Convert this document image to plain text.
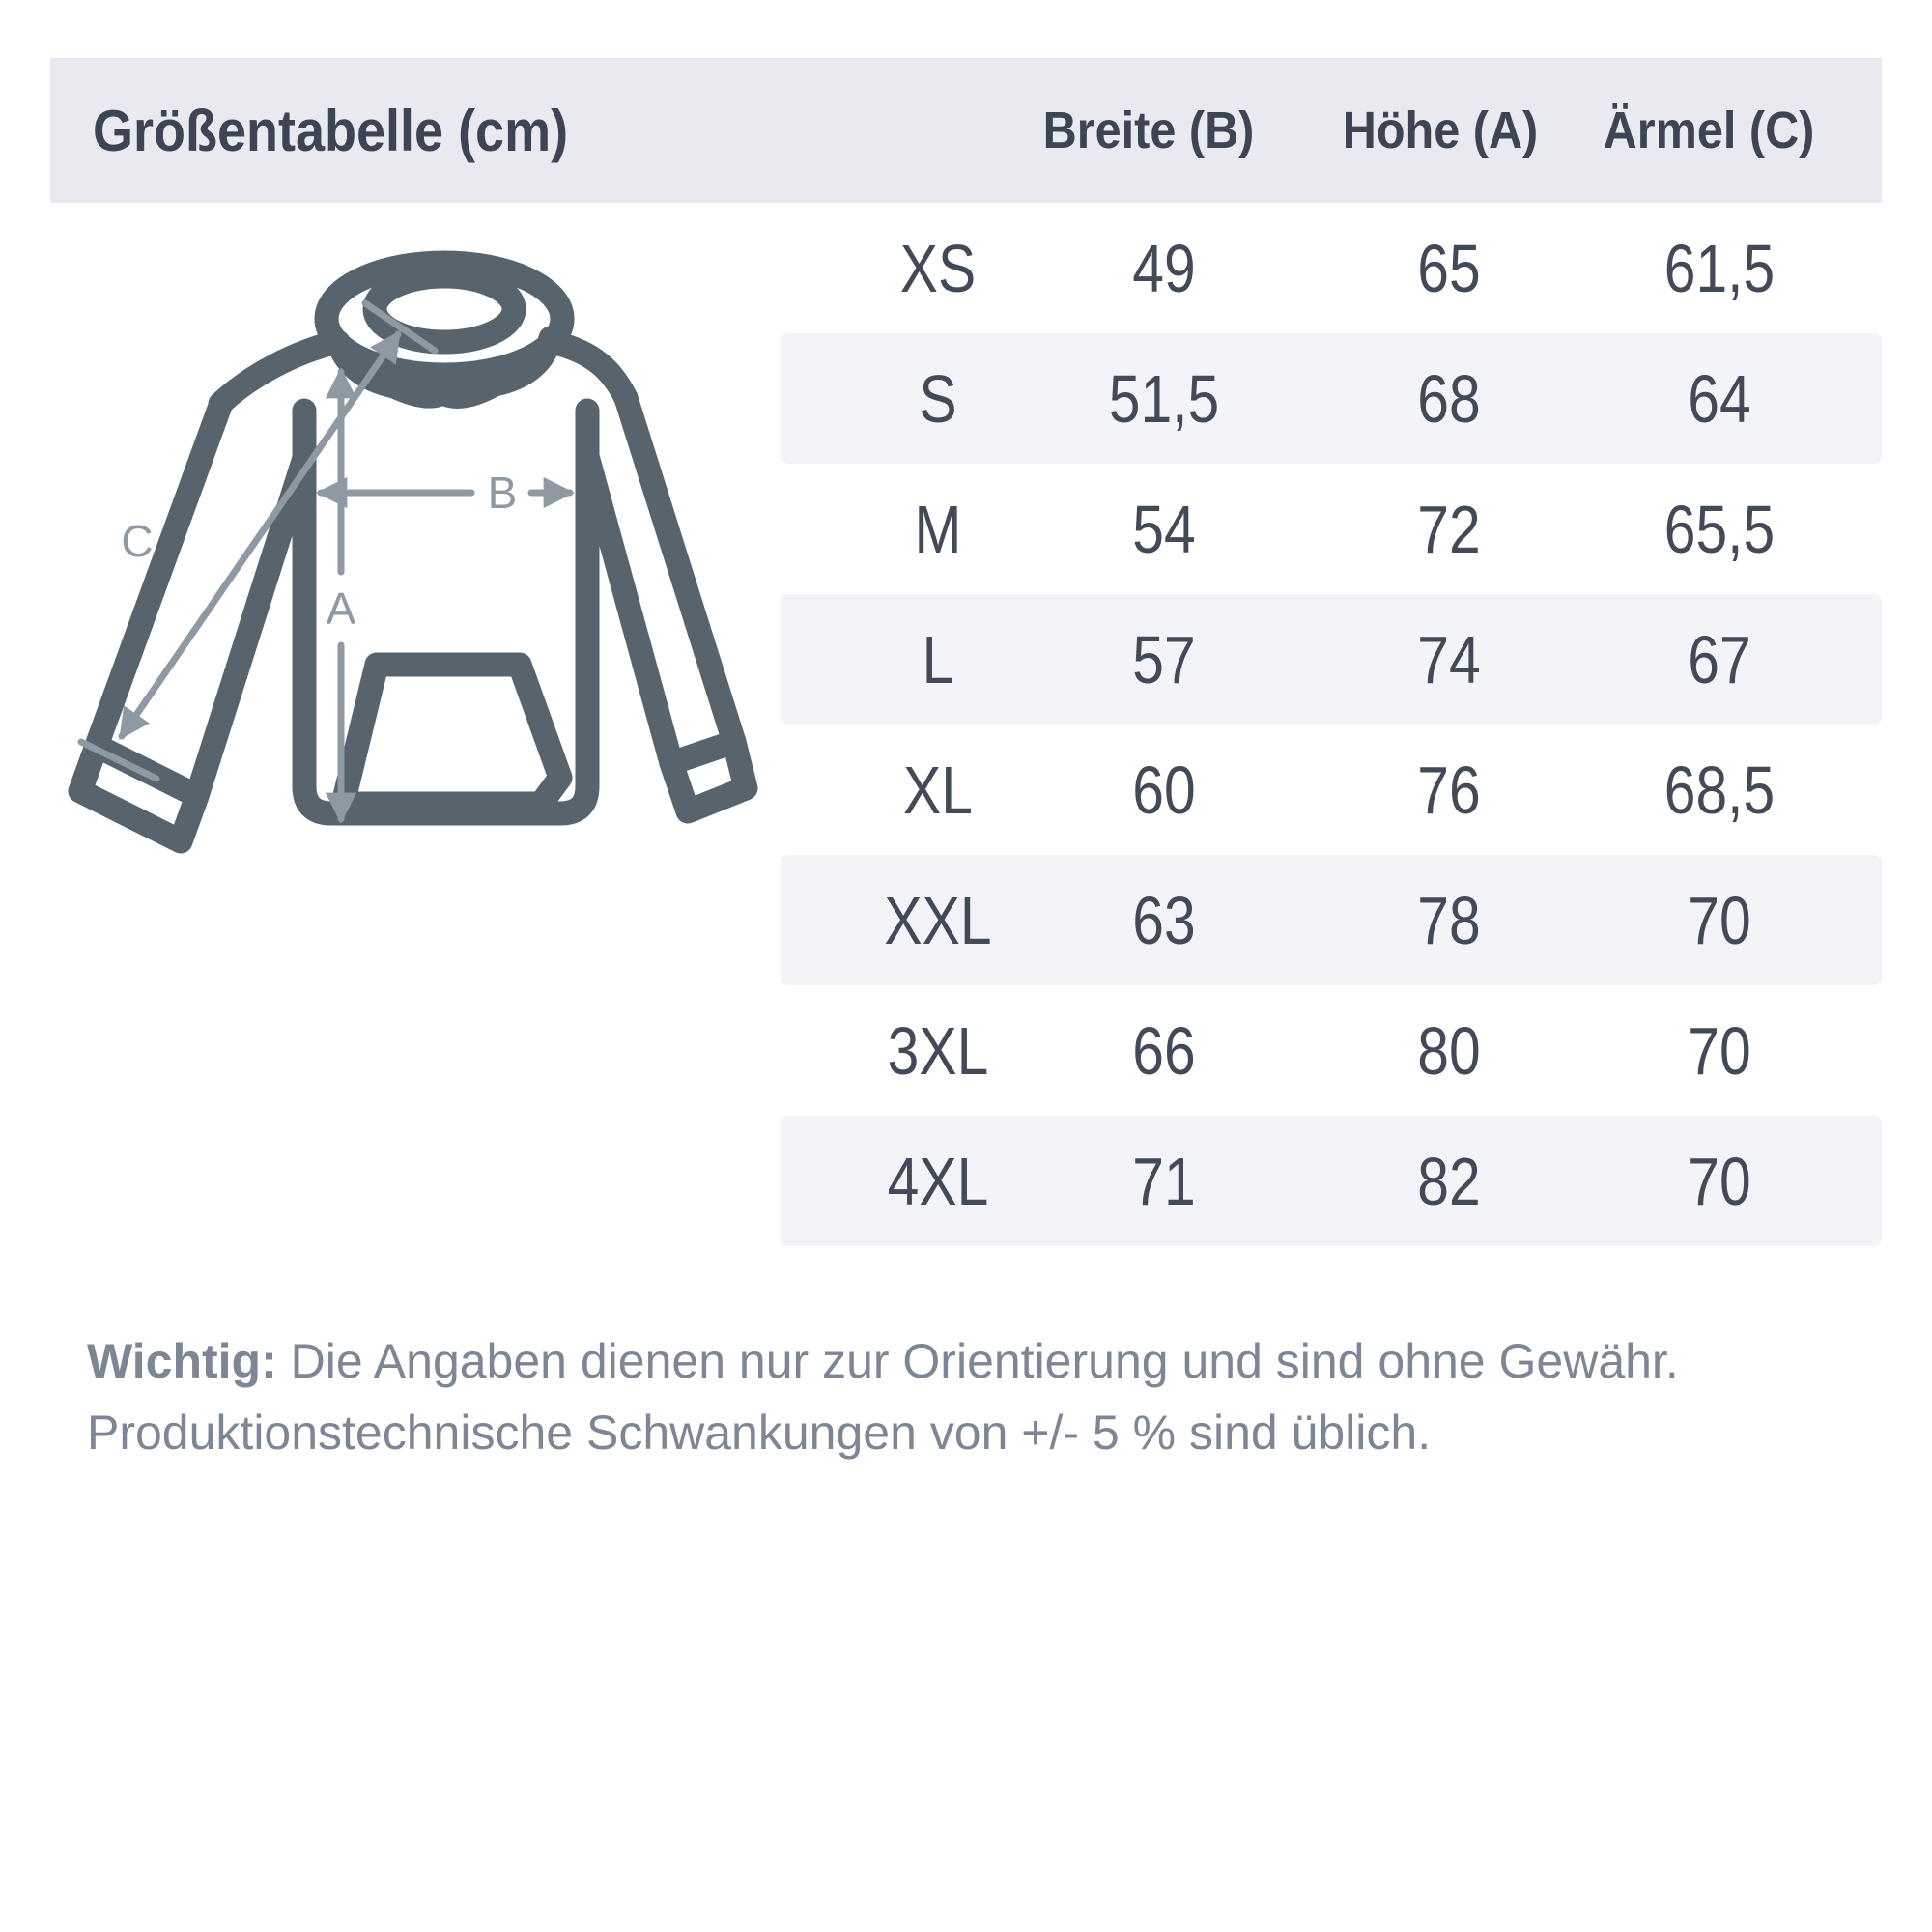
Größentabelle (cm)	Breite (B) Höhe (A) Ärmel (C)
A
B
C
XS 49	65	61,5
S 51,5	68	64
M	54	72	65,5
L	57	74	67
XL 60	76	68,5
XXL 63	78	70
3XL 66	80	70
4XL 71	82	70

Wichtig: Die Angaben dienen nur zur Orientierung und sind ohne Gewähr.
Produktionstechnische Schwankungen von +/- 5 % sind üblich.
